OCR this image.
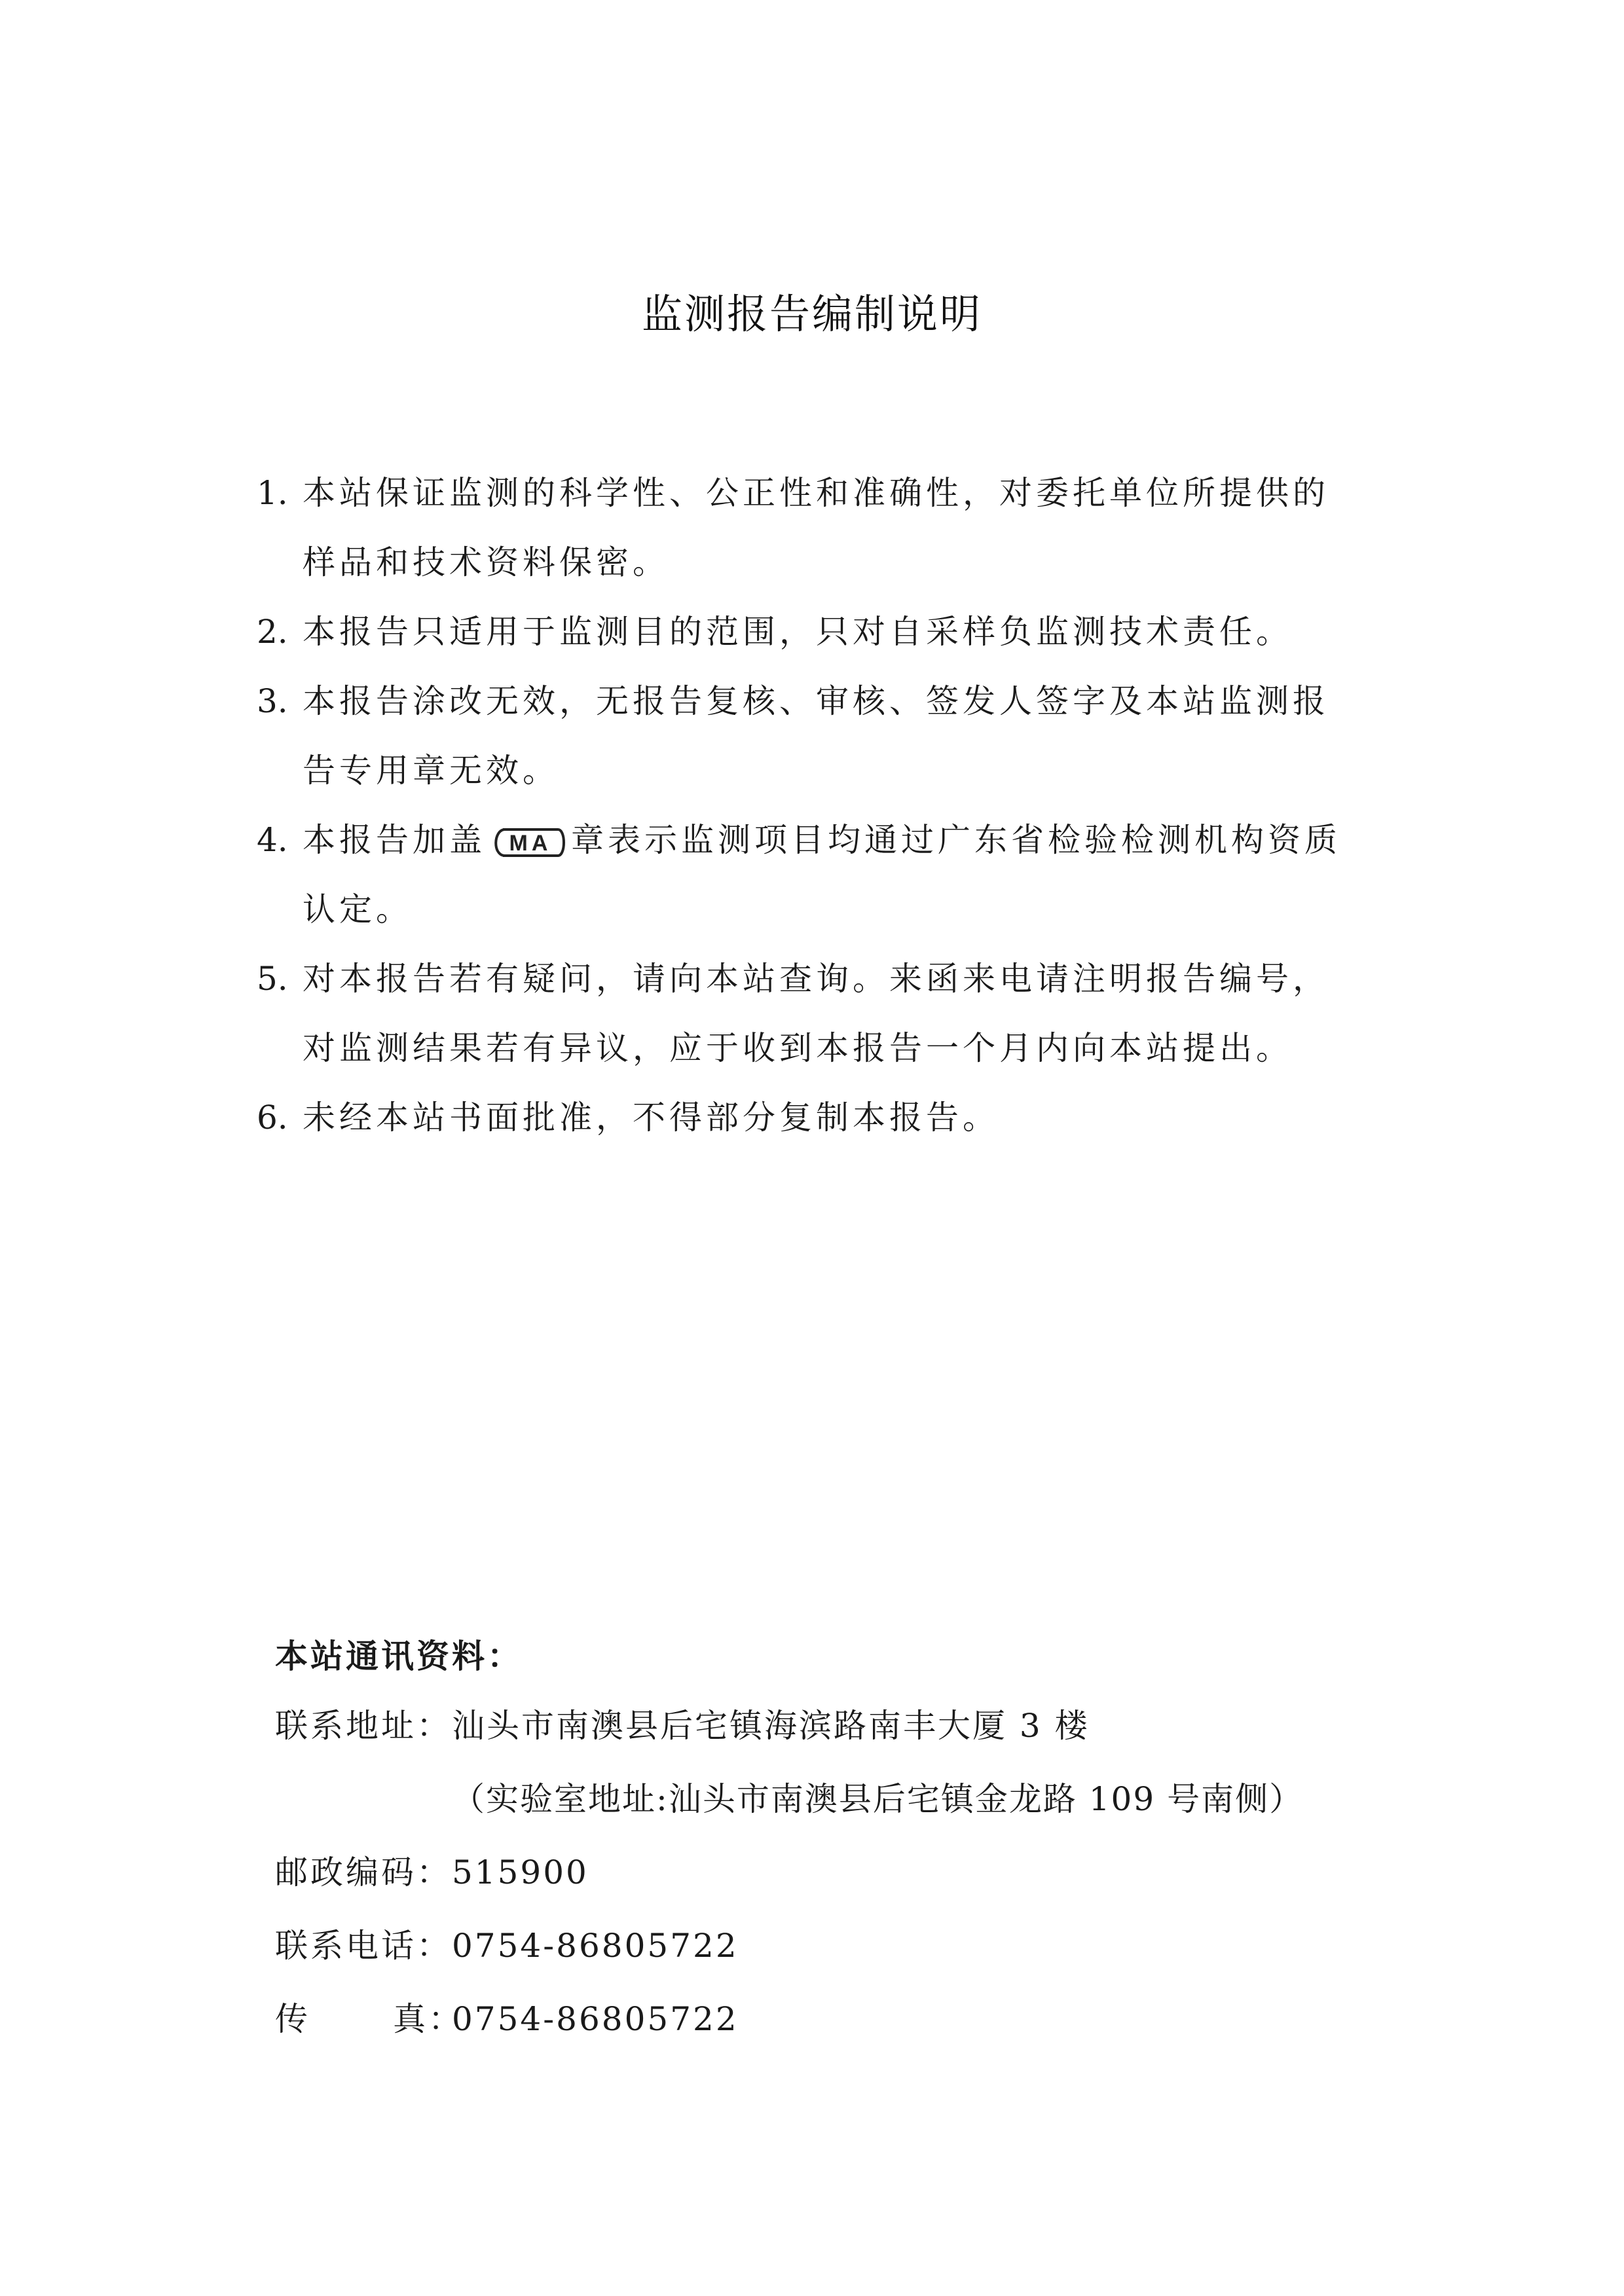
监测报告编制说明
1. 本站保证监测的科学性、公正性和准确性，对委托单位所提供的
样品和技术资料保密。
2. 本报告只适用于监测目的范围，只对自采样负监测技术责任。
3. 本报告涂改无效，无报告复核、审核、签发人签字及本站监测报
告专用章无效。
4. 本报告加盖 MA 章表示监测项目均通过广东省检验检测机构资质
认定。
5. 对本报告若有疑问，请向本站查询。来函来电请注明报告编号，
对监测结果若有异议，应于收到本报告一个月内向本站提出。
6. 未经本站书面批准，不得部分复制本报告。
本站通讯资料：
联系地址：汕头市南澳县后宅镇海滨路南丰大厦 3 楼
（实验室地址:汕头市南澳县后宅镇金龙路 109 号南侧）
邮政编码：515900
联系电话：0754-86805722
传	真：0754-86805722
